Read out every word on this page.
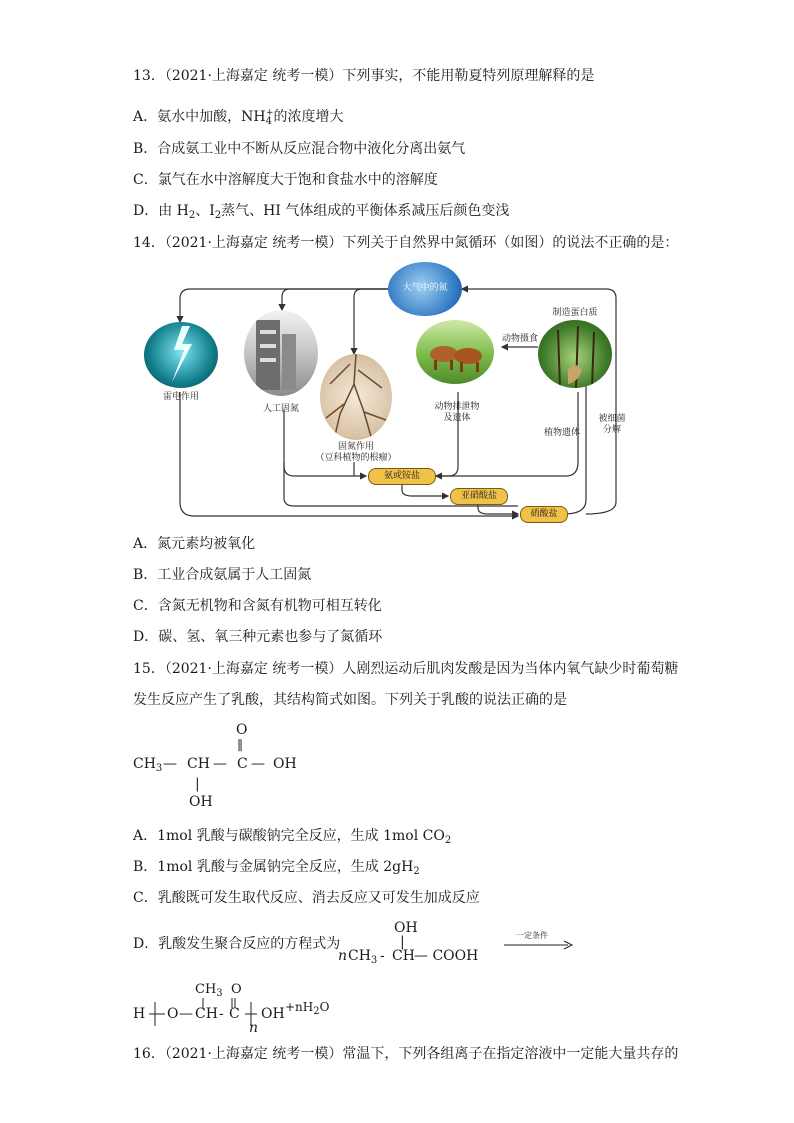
13．（2021·上海嘉定 统考一模）下列事实，不能用勒夏特列原理解释的是
A．氨水中加酸，$NH_4^+$的浓度增大
B．合成氨工业中不断从反应混合物中液化分离出氨气
C．氯气在水中溶解度大于饱和食盐水中的溶解度
D．由 $H_2$、$I_2$蒸气、HI 气体组成的平衡体系减压后颜色变浅
14．（2021·上海嘉定 统考一模）下列关于自然界中氮循环（如图）的说法不正确的是：
大气中的氮
雷电作用
人工固氮
固氮作用
（豆科植物的根瘤）
动物排泄物
及遗体
动物摄食
制造蛋白质
植物遗体
被细菌
分解
氨或铵盐
亚硝酸盐
硝酸盐
A．氮元素均被氧化
B．工业合成氨属于人工固氮
C．含氮无机物和含氮有机物可相互转化
D．碳、氢、氧三种元素也参与了氮循环
15．（2021·上海嘉定 统考一模）人剧烈运动后肌肉发酸是因为当体内氧气缺少时葡萄糖
发生反应产生了乳酸，其结构简式如图。下列关于乳酸的说法正确的是
O
||
$CH_3$ — CH — C — OH
|
OH
A．1mol 乳酸与碳酸钠完全反应，生成 1mol $CO_2$
B．1mol 乳酸与金属钠完全反应，生成 $2gH_2$
C．乳酸既可发生取代反应、消去反应又可发生加成反应
D．乳酸发生聚合反应的方程式为
OH
|
n $CH_3$ - CH — COOH
一定条件
$CH_3$ O
H O — CH - C
n
OH $+nH_2O$
16．（2021·上海嘉定 统考一模）常温下，下列各组离子在指定溶液中一定能大量共存的
